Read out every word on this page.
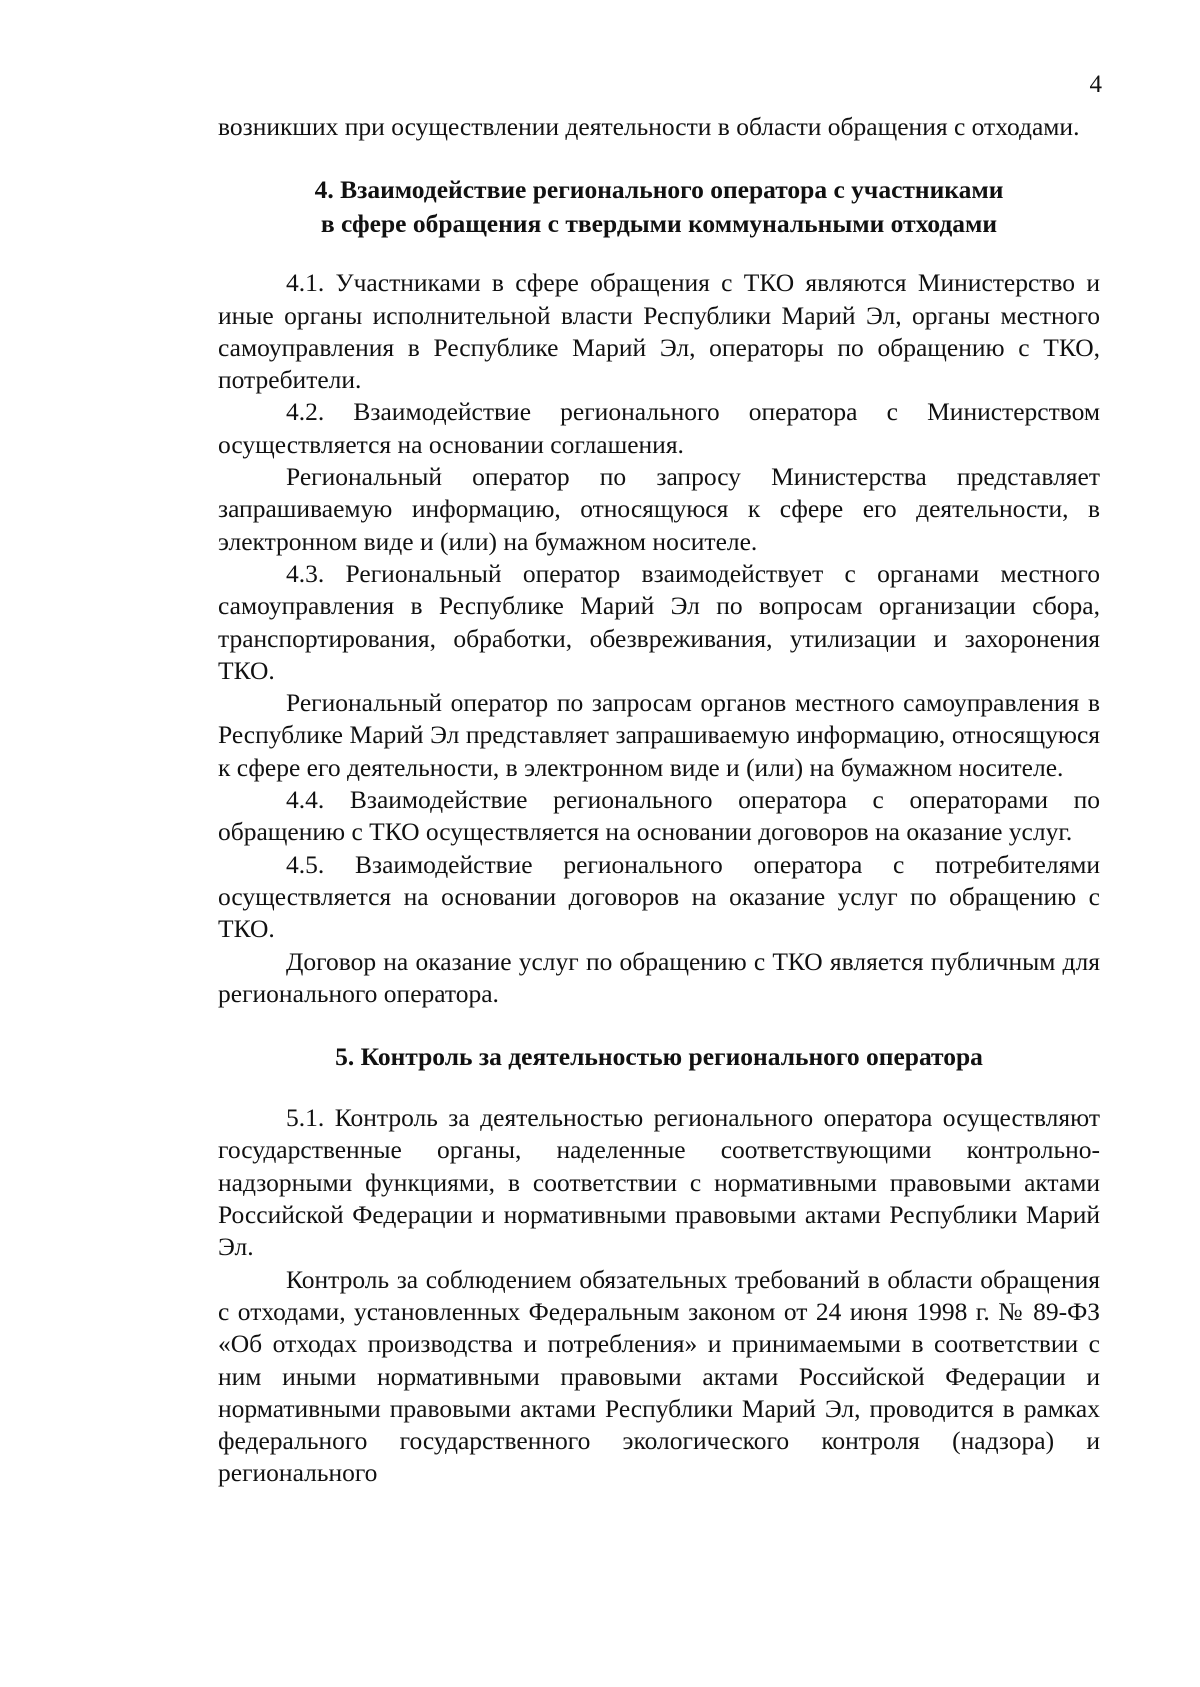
4

возникших при осуществлении деятельности в области обращения с отходами.

4. Взаимодействие регионального оператора с участниками
в сфере обращения с твердыми коммунальными отходами

4.1. Участниками в сфере обращения с ТКО являются Министерство и иные органы исполнительной власти Республики Марий Эл, органы местного самоуправления в Республике Марий Эл, операторы по обращению с ТКО, потребители.

4.2. Взаимодействие регионального оператора с Министерством осуществляется на основании соглашения.

Региональный оператор по запросу Министерства представляет запрашиваемую информацию, относящуюся к сфере его деятельности, в электронном виде и (или) на бумажном носителе.

4.3. Региональный оператор взаимодействует с органами местного самоуправления в Республике Марий Эл по вопросам организации сбора, транспортирования, обработки, обезвреживания, утилизации и захоронения ТКО.

Региональный оператор по запросам органов местного самоуправления в Республике Марий Эл представляет запрашиваемую информацию, относящуюся к сфере его деятельности, в электронном виде и (или) на бумажном носителе.

4.4. Взаимодействие регионального оператора с операторами по обращению с ТКО осуществляется на основании договоров на оказание услуг.

4.5. Взаимодействие регионального оператора с потребителями осуществляется на основании договоров на оказание услуг по обращению с ТКО.

Договор на оказание услуг по обращению с ТКО является публичным для регионального оператора.

5. Контроль за деятельностью регионального оператора

5.1. Контроль за деятельностью регионального оператора осуществляют государственные органы, наделенные соответствующими контрольно-надзорными функциями, в соответствии с нормативными правовыми актами Российской Федерации и нормативными правовыми актами Республики Марий Эл.

Контроль за соблюдением обязательных требований в области обращения с отходами, установленных Федеральным законом от 24 июня 1998 г. № 89-ФЗ «Об отходах производства и потребления» и принимаемыми в соответствии с ним иными нормативными правовыми актами Российской Федерации и нормативными правовыми актами Республики Марий Эл, проводится в рамках федерального государственного экологического контроля (надзора) и регионального
